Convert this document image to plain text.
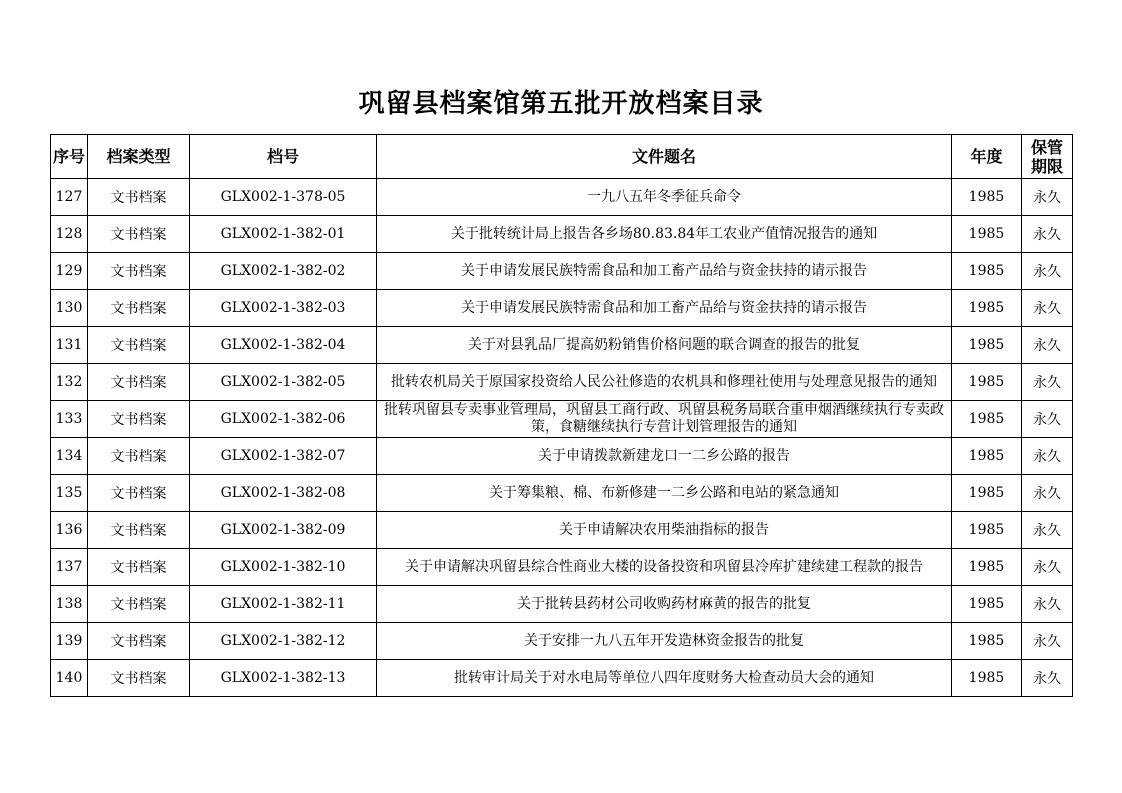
巩留县档案馆第五批开放档案目录
序号	档案类型	档号	文件题名	年度	保管期限
127	文书档案	GLX002-1-378-05	一九八五年冬季征兵命令	1985	永久
128	文书档案	GLX002-1-382-01	关于批转统计局上报告各乡场80.83.84年工农业产值情况报告的通知	1985	永久
129	文书档案	GLX002-1-382-02	关于申请发展民族特需食品和加工畜产品给与资金扶持的请示报告	1985	永久
130	文书档案	GLX002-1-382-03	关于申请发展民族特需食品和加工畜产品给与资金扶持的请示报告	1985	永久
131	文书档案	GLX002-1-382-04	关于对县乳品厂提高奶粉销售价格问题的联合调查的报告的批复	1985	永久
132	文书档案	GLX002-1-382-05	批转农机局关于原国家投资给人民公社修造的农机具和修理社使用与处理意见报告的通知	1985	永久
133	文书档案	GLX002-1-382-06	批转巩留县专卖事业管理局，巩留县工商行政、巩留县税务局联合重申烟酒继续执行专卖政策，食糖继续执行专营计划管理报告的通知	1985	永久
134	文书档案	GLX002-1-382-07	关于申请拨款新建龙口一二乡公路的报告	1985	永久
135	文书档案	GLX002-1-382-08	关于筹集粮、棉、布新修建一二乡公路和电站的紧急通知	1985	永久
136	文书档案	GLX002-1-382-09	关于申请解决农用柴油指标的报告	1985	永久
137	文书档案	GLX002-1-382-10	关于申请解决巩留县综合性商业大楼的设备投资和巩留县冷库扩建续建工程款的报告	1985	永久
138	文书档案	GLX002-1-382-11	关于批转县药材公司收购药材麻黄的报告的批复	1985	永久
139	文书档案	GLX002-1-382-12	关于安排一九八五年开发造林资金报告的批复	1985	永久
140	文书档案	GLX002-1-382-13	批转审计局关于对水电局等单位八四年度财务大检查动员大会的通知	1985	永久
